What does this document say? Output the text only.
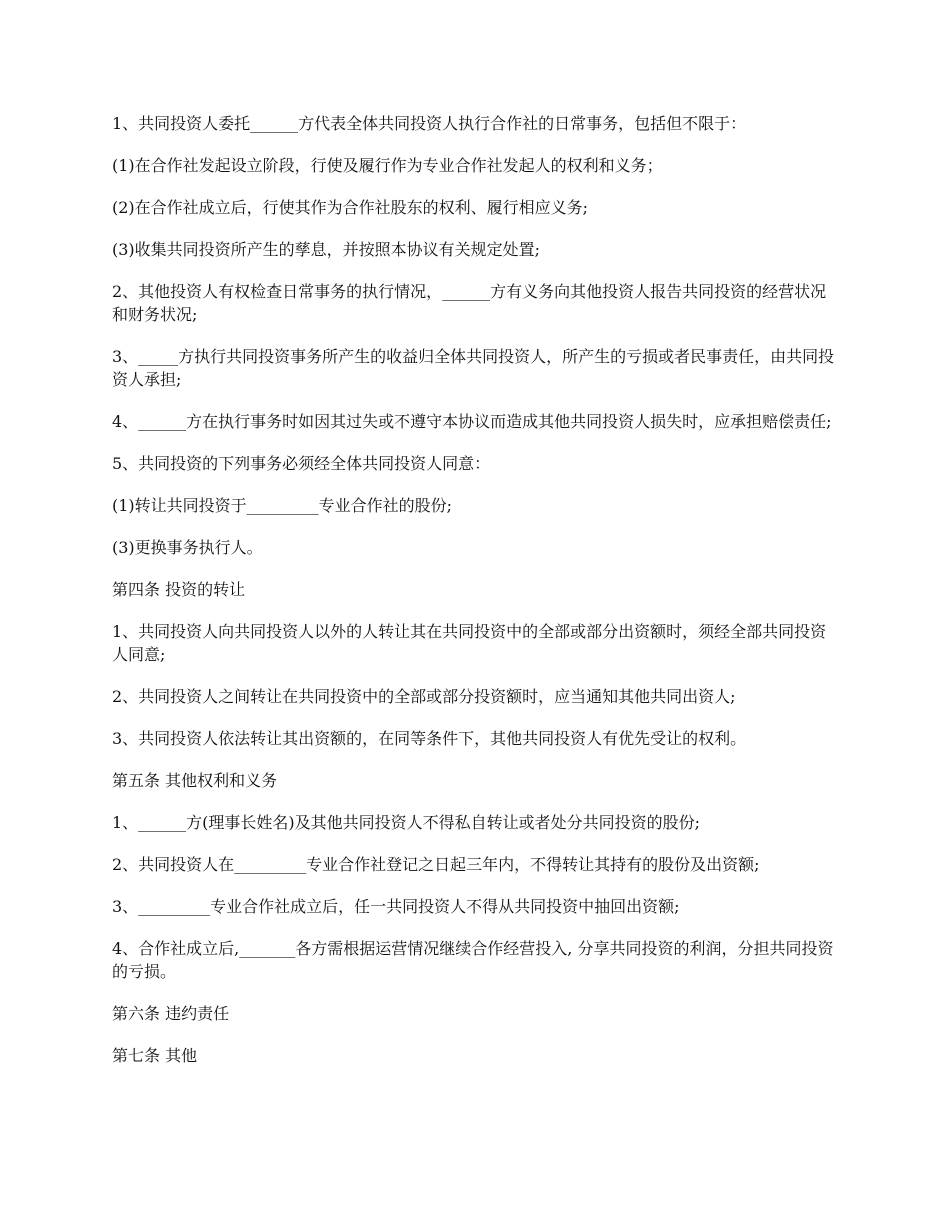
1、共同投资人委托______方代表全体共同投资人执行合作社的日常事务，包括但不限于：

(1)在合作社发起设立阶段，行使及履行作为专业合作社发起人的权利和义务；

(2)在合作社成立后，行使其作为合作社股东的权利、履行相应义务;

(3)收集共同投资所产生的孳息，并按照本协议有关规定处置;

2、其他投资人有权检查日常事务的执行情况，______方有义务向其他投资人报告共同投资的经营状况和财务状况;

3、_____方执行共同投资事务所产生的收益归全体共同投资人，所产生的亏损或者民事责任，由共同投资人承担;

4、______方在执行事务时如因其过失或不遵守本协议而造成其他共同投资人损失时，应承担赔偿责任;

5、共同投资的下列事务必须经全体共同投资人同意：

(1)转让共同投资于_________专业合作社的股份;

(3)更换事务执行人。

第四条 投资的转让

1、共同投资人向共同投资人以外的人转让其在共同投资中的全部或部分出资额时，须经全部共同投资人同意;

2、共同投资人之间转让在共同投资中的全部或部分投资额时，应当通知其他共同出资人;

3、共同投资人依法转让其出资额的，在同等条件下，其他共同投资人有优先受让的权利。

第五条 其他权利和义务

1、______方(理事长姓名)及其他共同投资人不得私自转让或者处分共同投资的股份;

2、共同投资人在_________专业合作社登记之日起三年内，不得转让其持有的股份及出资额;

3、_________专业合作社成立后，任一共同投资人不得从共同投资中抽回出资额;

4、合作社成立后,_______各方需根据运营情况继续合作经营投入, 分享共同投资的利润，分担共同投资的亏损。

第六条 违约责任

第七条 其他
